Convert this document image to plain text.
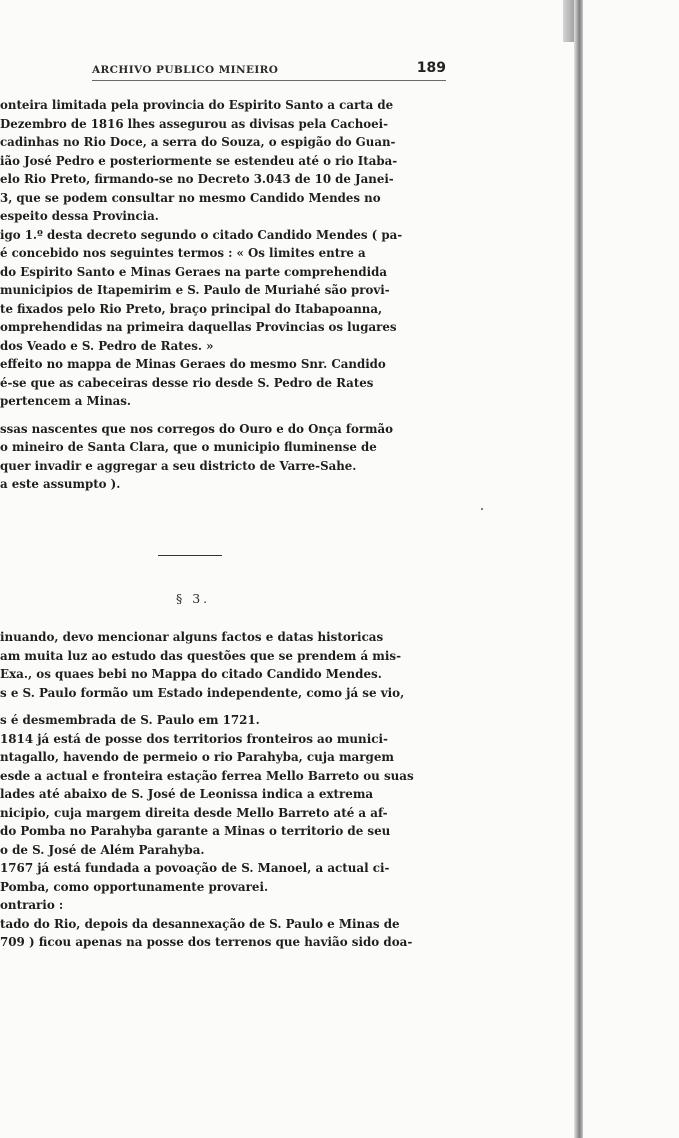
ARCHIVO PUBLICO MINEIRO	189
onteira limitada pela provincia do Espirito Santo a carta de
Dezembro de 1816 lhes assegurou as divisas pela Cachoei-
cadinhas no Rio Doce, a serra do Souza, o espigão do Guan-
ião José Pedro e posteriormente se estendeu até o rio Itaba-
elo Rio Preto, firmando-se no Decreto 3.043 de 10 de Janei-
3, que se podem consultar no mesmo Candido Mendes no
espeito dessa Provincia.
igo 1.º desta decreto segundo o citado Candido Mendes ( pa-
é concebido nos seguintes termos : « Os limites entre a
do Espirito Santo e Minas Geraes na parte comprehendida
municipios de Itapemirim e S. Paulo de Muriahé são provi-
te fixados pelo Rio Preto, braço principal do Itabapoanna,
omprehendidas na primeira daquellas Provincias os lugares
dos Veado e S. Pedro de Rates. »
effeito no mappa de Minas Geraes do mesmo Snr. Candido
é-se que as cabeceiras desse rio desde S. Pedro de Rates
pertencem a Minas.
ssas nascentes que nos corregos do Ouro e do Onça formão
o mineiro de Santa Clara, que o municipio fluminense de
quer invadir e aggregar a seu districto de Varre-Sahe.
a este assumpto ).
§ 3.
inuando, devo mencionar alguns factos e datas historicas
am muita luz ao estudo das questões que se prendem á mis-
Exa., os quaes bebi no Mappa do citado Candido Mendes.
s e S. Paulo formão um Estado independente, como já se vio,
s é desmembrada de S. Paulo em 1721.
1814 já está de posse dos territorios fronteiros ao munici-
ntagallo, havendo de permeio o rio Parahyba, cuja margem
esde a actual e fronteira estação ferrea Mello Barreto ou suas
lades até abaixo de S. José de Leonissa indica a extrema
nicipio, cuja margem direita desde Mello Barreto até a af-
do Pomba no Parahyba garante a Minas o territorio de seu
o de S. José de Além Parahyba.
1767 já está fundada a povoação de S. Manoel, a actual ci-
Pomba, como opportunamente provarei.
ontrario :
tado do Rio, depois da desannexação de S. Paulo e Minas de
709 ) ficou apenas na posse dos terrenos que havião sido doa-
